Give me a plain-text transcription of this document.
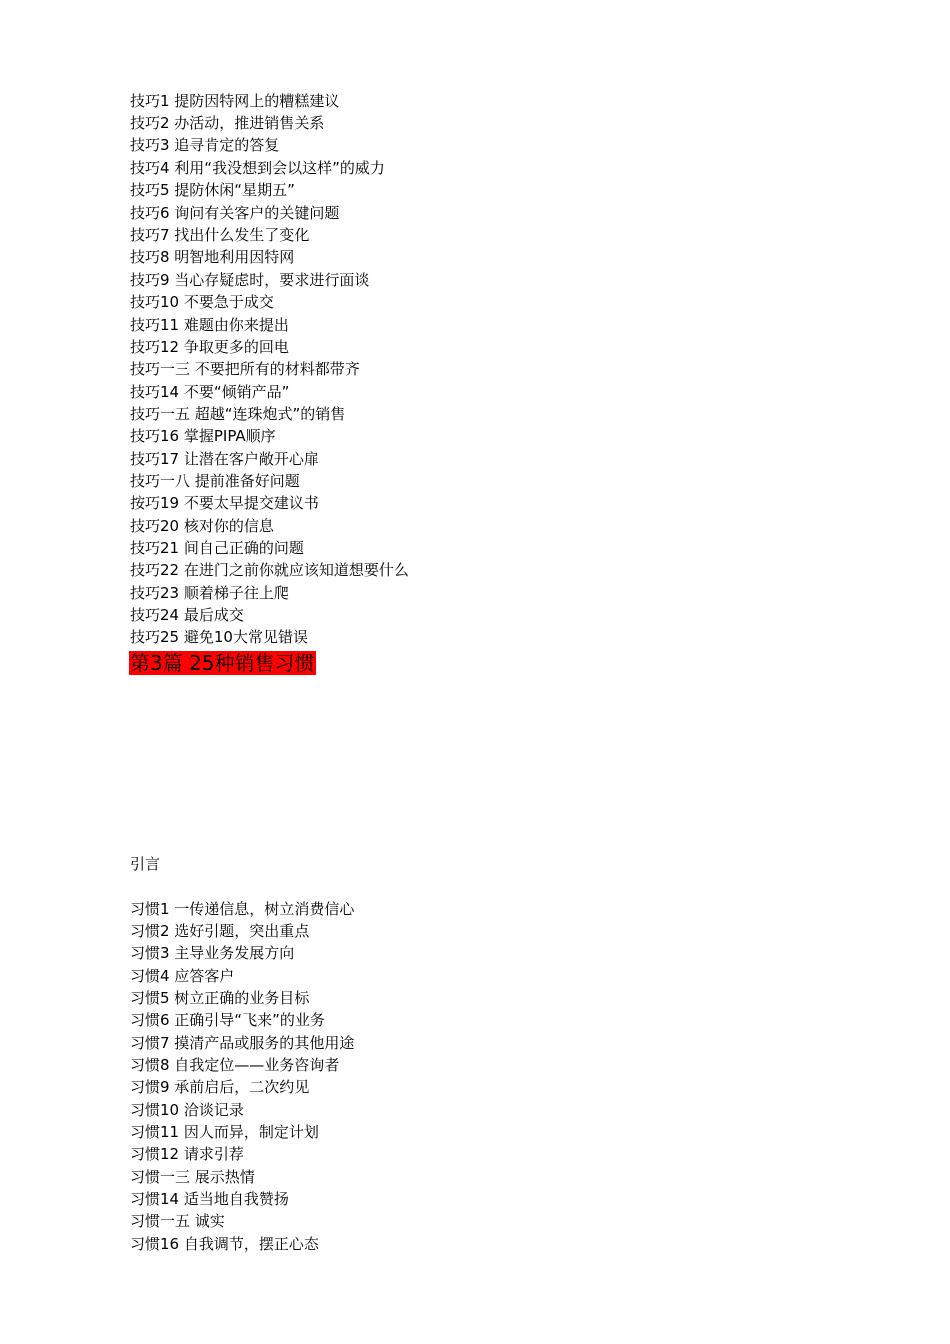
技巧1 提防因特网上的糟糕建议
技巧2 办活动，推进销售关系
技巧3 追寻肯定的答复
技巧4 利用“我没想到会以这样”的威力
技巧5 提防休闲“星期五”
技巧6 询问有关客户的关键问题
技巧7 找出什么发生了变化
技巧8 明智地利用因特网
技巧9 当心存疑虑时，要求进行面谈
技巧10 不要急于成交
技巧11 难题由你来提出
技巧12 争取更多的回电
技巧一三 不要把所有的材料都带齐
技巧14 不要“倾销产品”
技巧一五 超越“连珠炮式”的销售
技巧16 掌握PIPA顺序
技巧17 让潜在客户敞开心扉
技巧一八 提前准备好问题
按巧19 不要太早提交建议书
技巧20 核对你的信息
技巧21 间自己正确的问题
技巧22 在进门之前你就应该知道想要什么
技巧23 顺着梯子往上爬
技巧24 最后成交
技巧25 避免10大常见错误
第3篇 25种销售习惯
引言
习惯1 一传递信息，树立消费信心
习惯2 选好引题，突出重点
习惯3 主导业务发展方向
习惯4 应答客户
习惯5 树立正确的业务目标
习惯6 正确引导“飞来”的业务
习惯7 摸清产品或服务的其他用途
习惯8 自我定位——业务咨询者
习惯9 承前启后，二次约见
习惯10 洽谈记录
习惯11 因人而异，制定计划
习惯12 请求引荐
习惯一三 展示热情
习惯14 适当地自我赞扬
习惯一五 诚实
习惯16 自我调节，摆正心态
